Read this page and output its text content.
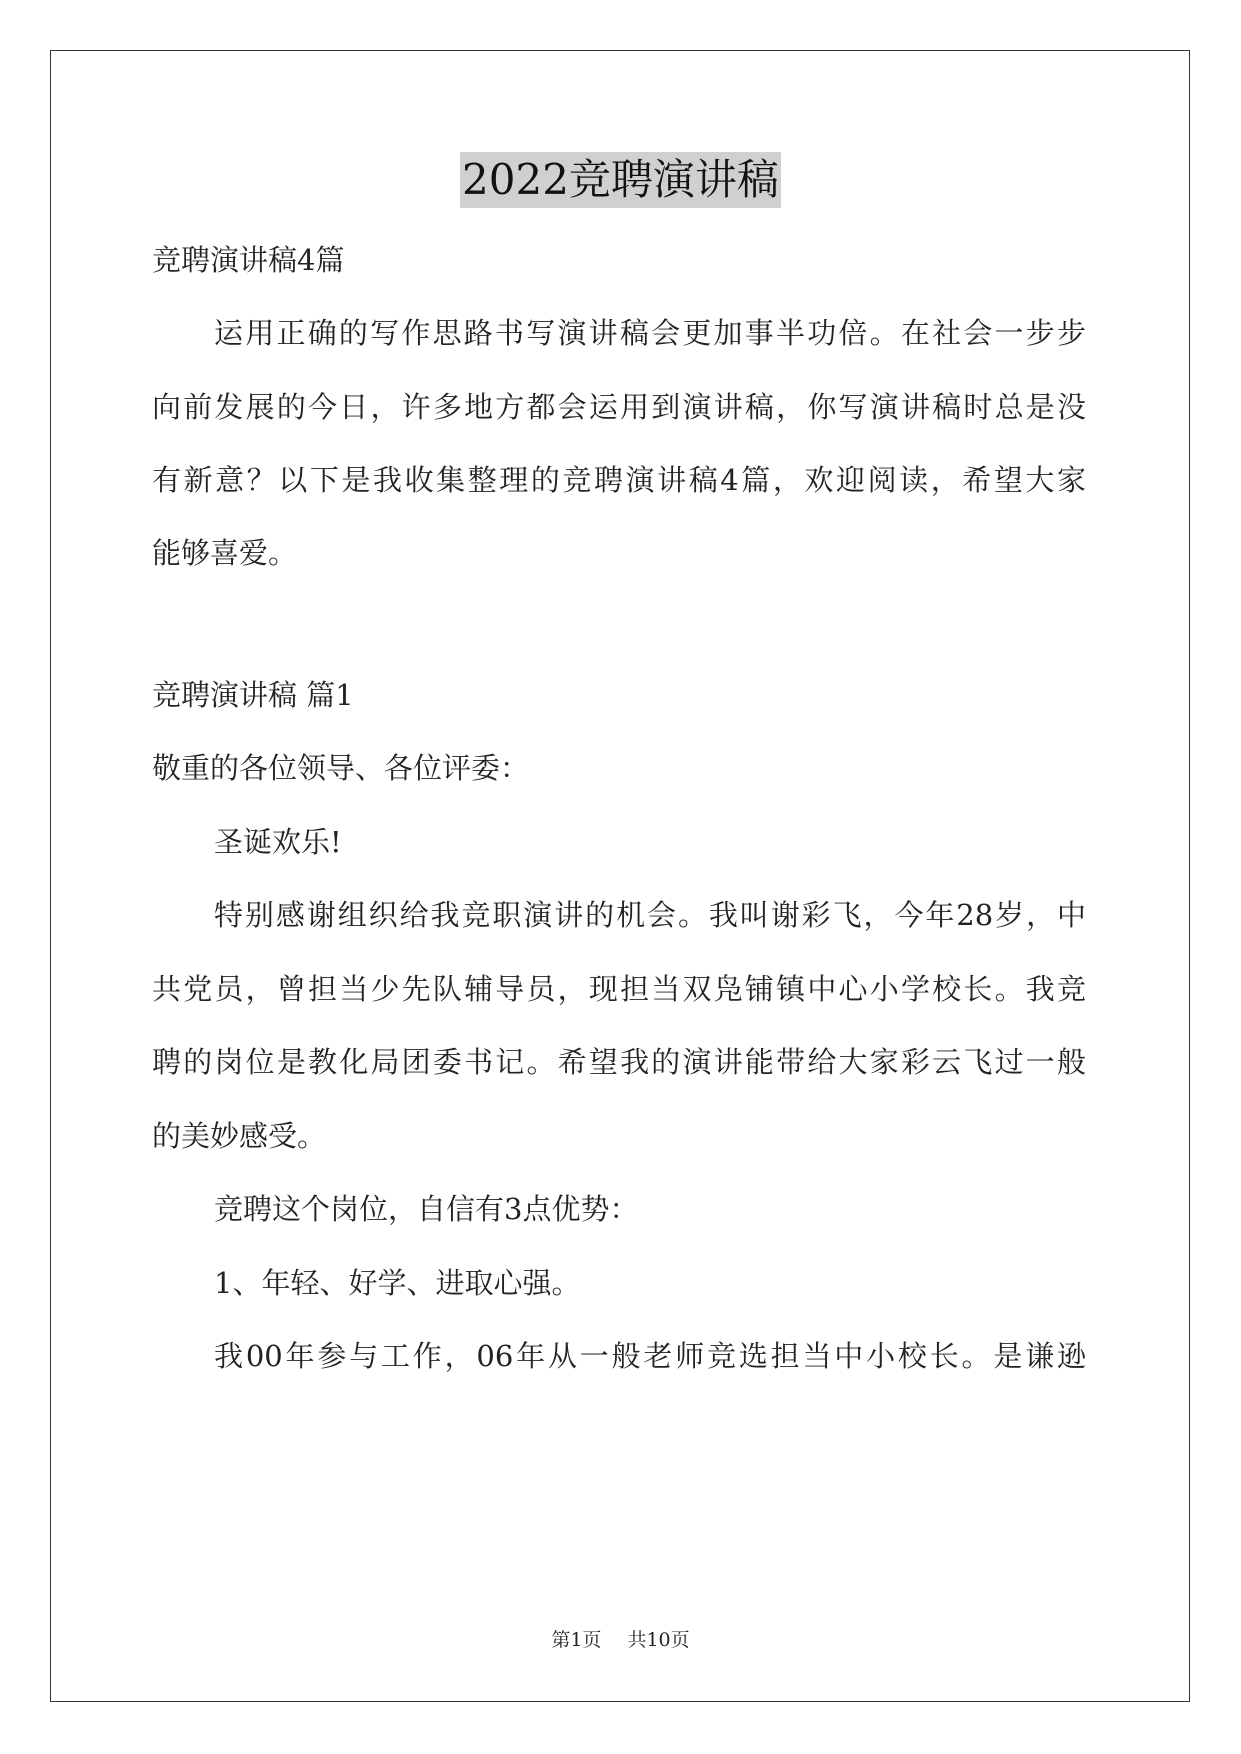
2022竞聘演讲稿
竞聘演讲稿4篇
运用正确的写作思路书写演讲稿会更加事半功倍。在社会一步步
向前发展的今日，许多地方都会运用到演讲稿，你写演讲稿时总是没
有新意？以下是我收集整理的竞聘演讲稿4篇，欢迎阅读，希望大家
能够喜爱。
竞聘演讲稿 篇1
敬重的各位领导、各位评委：
圣诞欢乐!
特别感谢组织给我竞职演讲的机会。我叫谢彩飞，今年28岁，中
共党员，曾担当少先队辅导员，现担当双凫铺镇中心小学校长。我竞
聘的岗位是教化局团委书记。希望我的演讲能带给大家彩云飞过一般
的美妙感受。
竞聘这个岗位，自信有3点优势：
1、年轻、好学、进取心强。
我00年参与工作，06年从一般老师竞选担当中小校长。是谦逊
第1页 共10页
